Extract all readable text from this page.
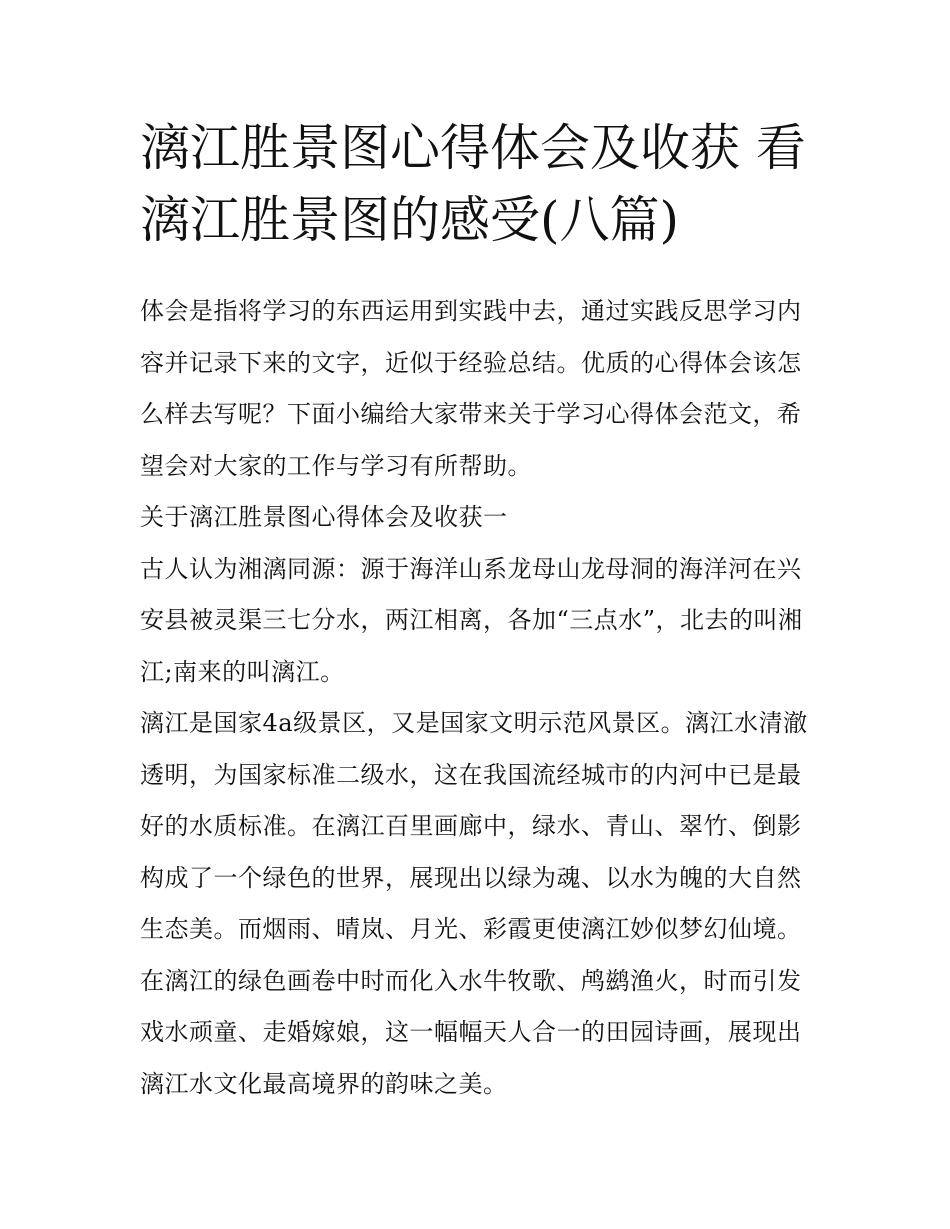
漓江胜景图心得体会及收获 看漓江胜景图的感受(八篇)

体会是指将学习的东西运用到实践中去，通过实践反思学习内容并记录下来的文字，近似于经验总结。优质的心得体会该怎么样去写呢？下面小编给大家带来关于学习心得体会范文，希望会对大家的工作与学习有所帮助。

关于漓江胜景图心得体会及收获一

古人认为湘漓同源：源于海洋山系龙母山龙母洞的海洋河在兴安县被灵渠三七分水，两江相离，各加“三点水”，北去的叫湘江;南来的叫漓江。

漓江是国家4a级景区，又是国家文明示范风景区。漓江水清澈透明，为国家标准二级水，这在我国流经城市的内河中已是最好的水质标准。在漓江百里画廊中，绿水、青山、翠竹、倒影构成了一个绿色的世界，展现出以绿为魂、以水为魄的大自然生态美。而烟雨、晴岚、月光、彩霞更使漓江妙似梦幻仙境。在漓江的绿色画卷中时而化入水牛牧歌、鸬鹚渔火，时而引发戏水顽童、走婚嫁娘，这一幅幅天人合一的田园诗画，展现出漓江水文化最高境界的韵味之美。
